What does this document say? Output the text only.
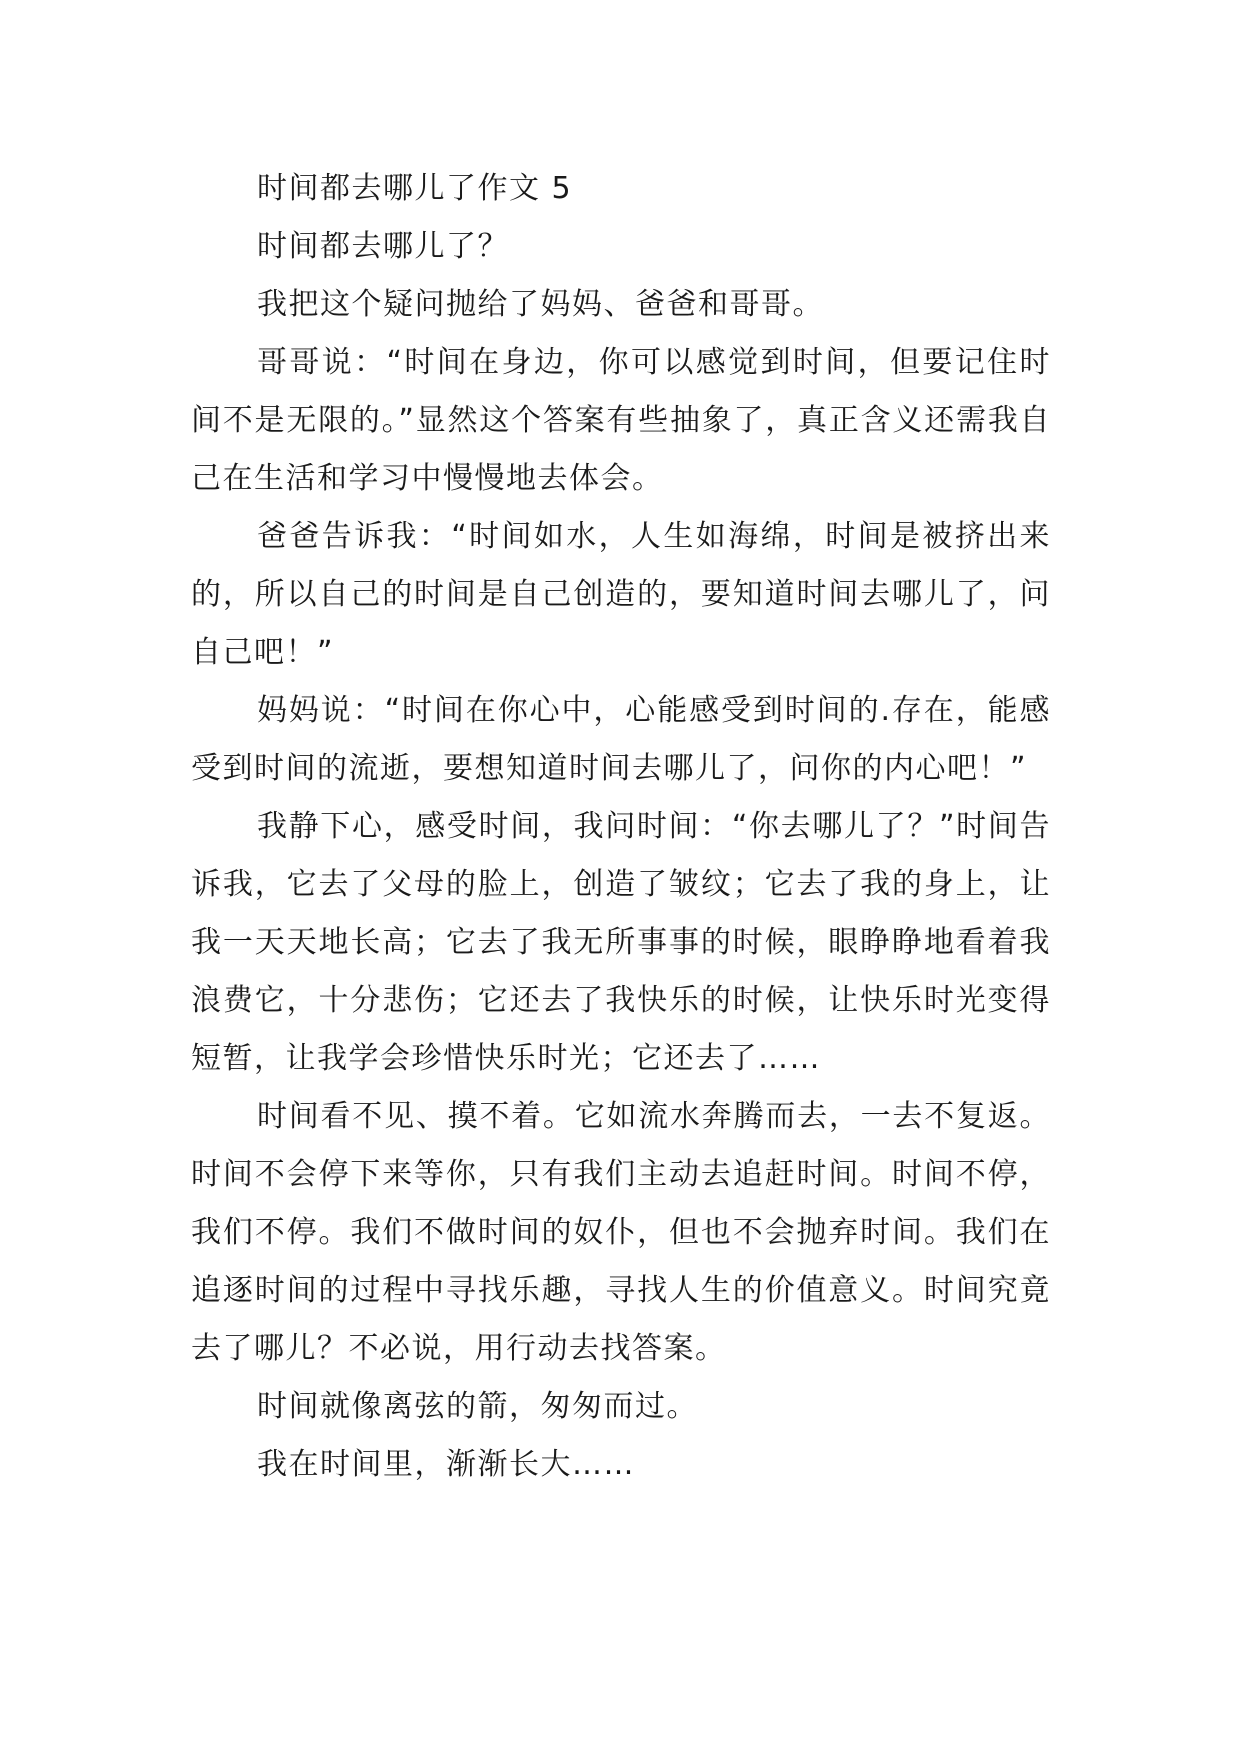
时间都去哪儿了作文 5

时间都去哪儿了？

我把这个疑问抛给了妈妈、爸爸和哥哥。

哥哥说：“时间在身边，你可以感觉到时间，但要记住时间不是无限的。”显然这个答案有些抽象了，真正含义还需我自己在生活和学习中慢慢地去体会。

爸爸告诉我：“时间如水，人生如海绵，时间是被挤出来的，所以自己的时间是自己创造的，要知道时间去哪儿了，问自己吧！”

妈妈说：“时间在你心中，心能感受到时间的.存在，能感受到时间的流逝，要想知道时间去哪儿了，问你的内心吧！”

我静下心，感受时间，我问时间：“你去哪儿了？”时间告诉我，它去了父母的脸上，创造了皱纹；它去了我的身上，让我一天天地长高；它去了我无所事事的时候，眼睁睁地看着我浪费它，十分悲伤；它还去了我快乐的时候，让快乐时光变得短暂，让我学会珍惜快乐时光；它还去了……

时间看不见、摸不着。它如流水奔腾而去，一去不复返。时间不会停下来等你，只有我们主动去追赶时间。时间不停，我们不停。我们不做时间的奴仆，但也不会抛弃时间。我们在追逐时间的过程中寻找乐趣，寻找人生的价值意义。时间究竟去了哪儿？不必说，用行动去找答案。

时间就像离弦的箭，匆匆而过。

我在时间里，渐渐长大……
